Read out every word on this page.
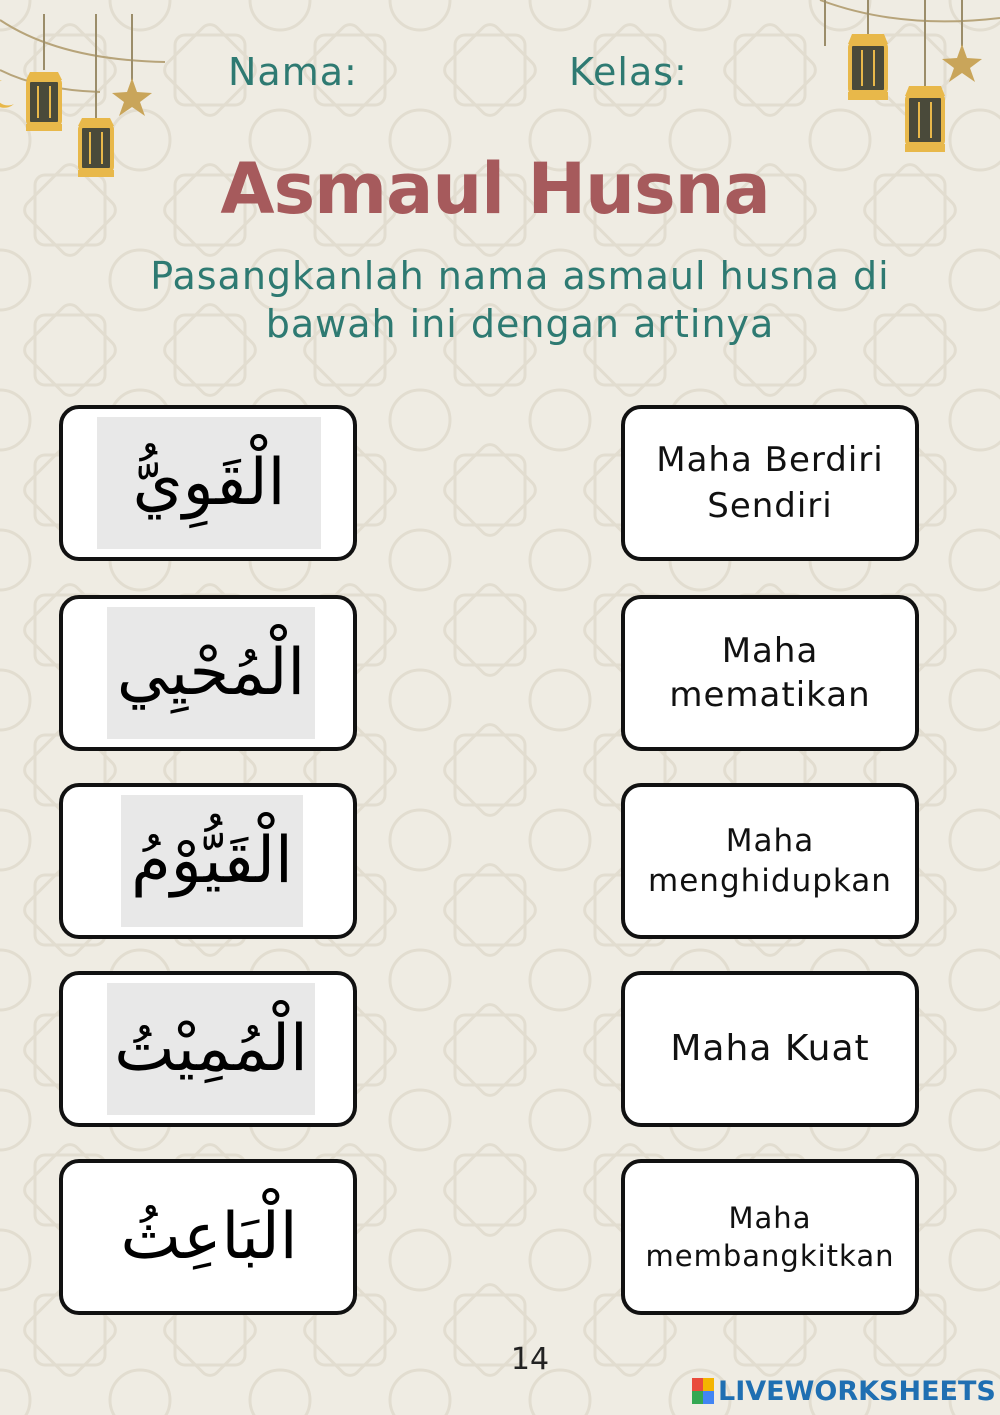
Nama:	Kelas:
Asmaul Husna
Pasangkanlah nama asmaul husna di bawah ini dengan artinya
الْقَوِيُّ
الْمُحْيِي
الْقَيُّوْمُ
الْمُمِيْتُ
الْبَاعِثُ
Maha Berdiri
Sendiri
Maha
mematikan
Maha
menghidupkan
Maha Kuat
Maha
membangkitkan
14
LIVEWORKSHEETS
